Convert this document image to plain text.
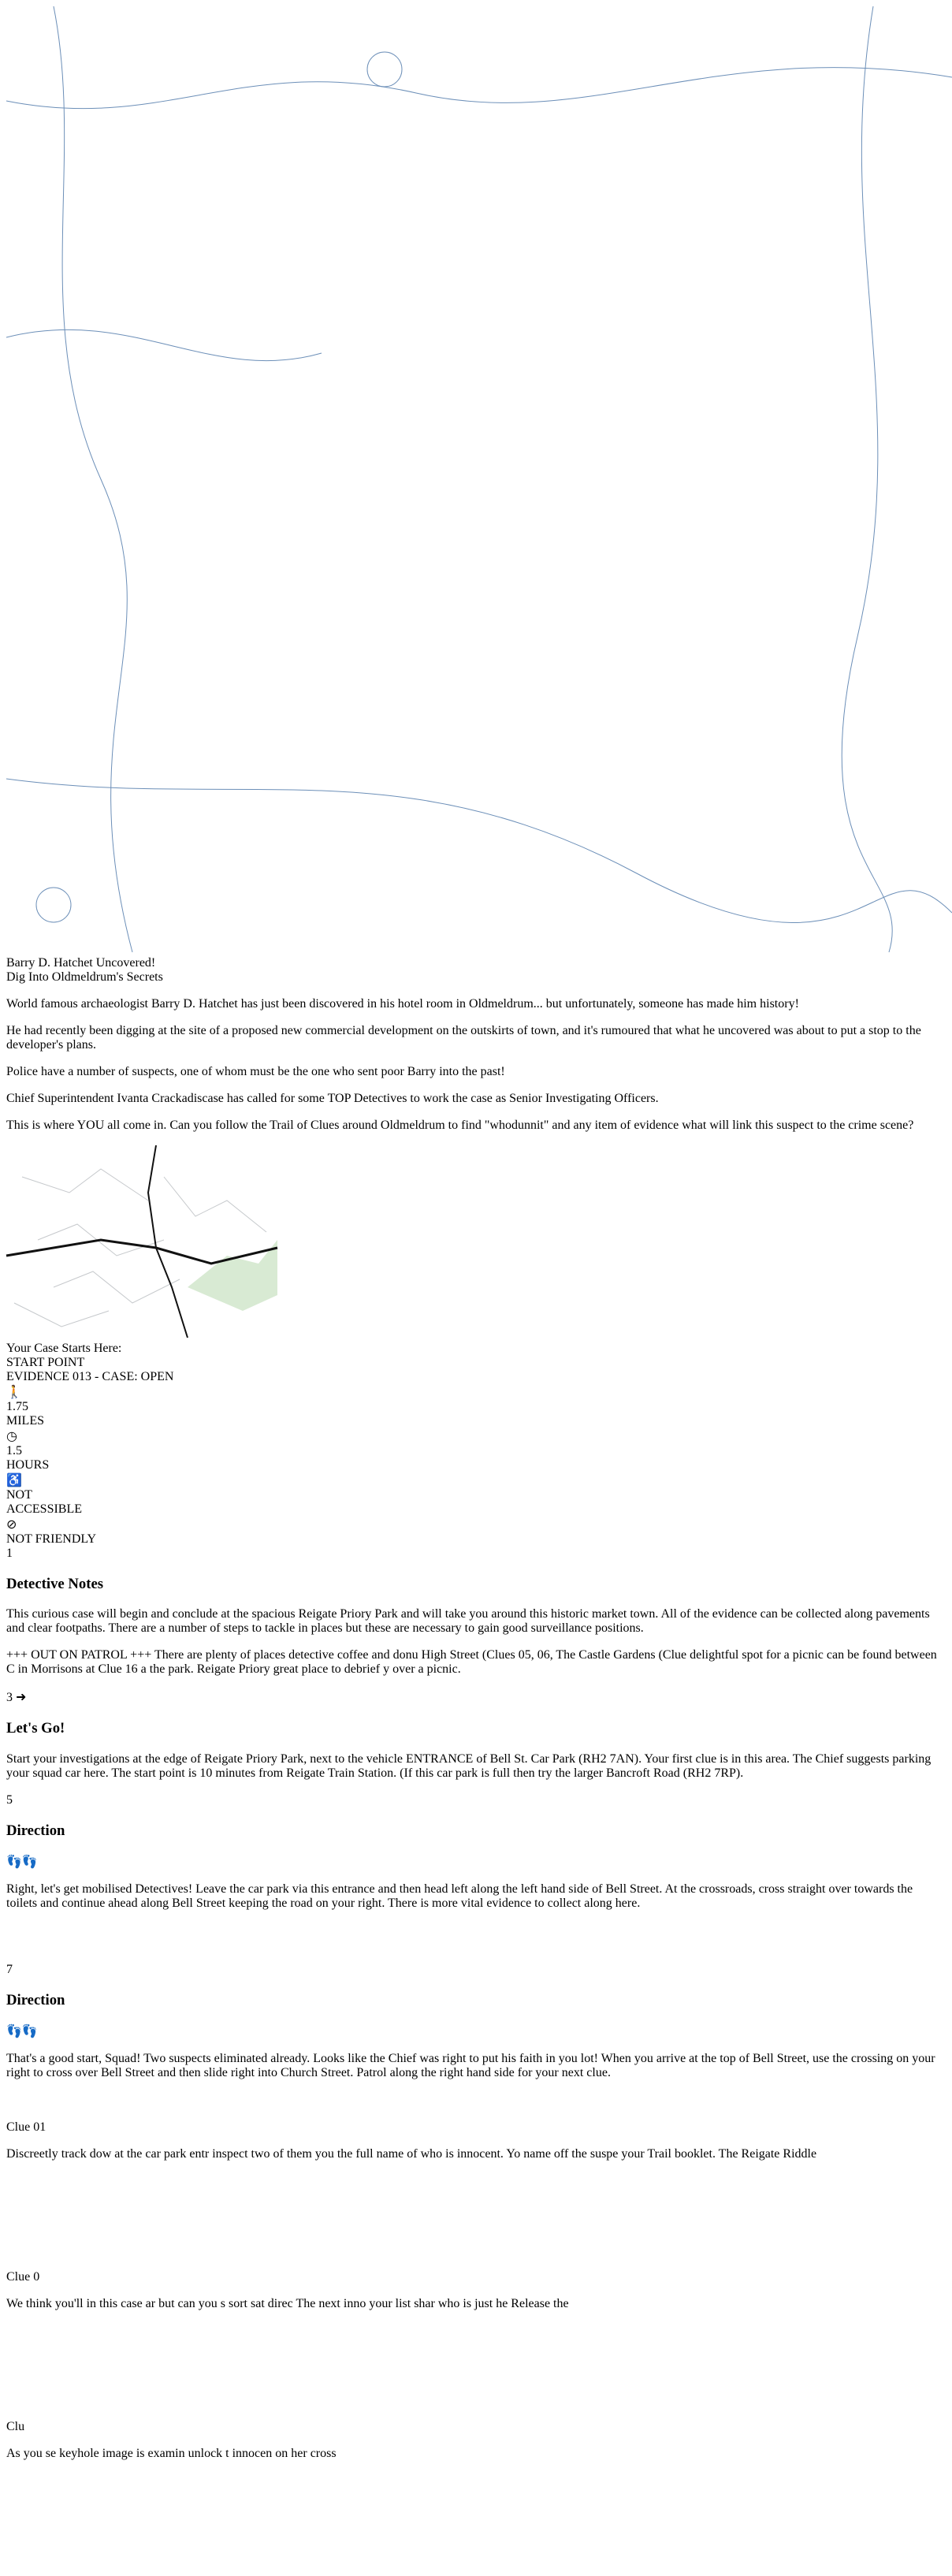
Barry D. Hatchet Uncovered!
Dig Into Oldmeldrum's Secrets

World famous archaeologist Barry D. Hatchet has just been discovered in his hotel room in Oldmeldrum... but unfortunately, someone has made him history!

He had recently been digging at the site of a proposed new commercial development on the outskirts of town, and it's rumoured that what he uncovered was about to put a stop to the developer's plans.

Police have a number of suspects, one of whom must be the one who sent poor Barry into the past!

Chief Superintendent Ivanta Crackadiscase has called for some TOP Detectives to work the case as Senior Investigating Officers.

This is where YOU all come in. Can you follow the Trail of Clues around Oldmeldrum to find "whodunnit" and any item of evidence what will link this suspect to the crime scene?

Your Case Starts Here:
START POINT
EVIDENCE 013 - CASE: OPEN
🚶
1.75
MILES
◷
1.5
HOURS
♿
NOT
ACCESSIBLE
⊘
NOT FRIENDLY
1
Detective Notes

This curious case will begin and conclude at the spacious Reigate Priory Park and will take you around this historic market town. All of the evidence can be collected along pavements and clear footpaths. There are a number of steps to tackle in places but these are necessary to gain good surveillance positions.

+++ OUT ON PATROL +++ There are plenty of places detective coffee and donu High Street (Clues 05, 06, The Castle Gardens (Clue delightful spot for a picnic can be found between C in Morrisons at Clue 16 a the park. Reigate Priory great place to debrief y over a picnic.

3 ➜
Let's Go!

Start your investigations at the edge of Reigate Priory Park, next to the vehicle ENTRANCE of Bell St. Car Park (RH2 7AN). Your first clue is in this area. The Chief suggests parking your squad car here. The start point is 10 minutes from Reigate Train Station. (If this car park is full then try the larger Bancroft Road (RH2 7RP).

5
Direction
👣👣

Right, let's get mobilised Detectives! Leave the car park via this entrance and then head left along the left hand side of Bell Street. At the crossroads, cross straight over towards the toilets and continue ahead along Bell Street keeping the road on your right. There is more vital evidence to collect along here.

7
Direction
👣👣

That's a good start, Squad! Two suspects eliminated already. Looks like the Chief was right to put his faith in you lot! When you arrive at the top of Bell Street, use the crossing on your right to cross over Bell Street and then slide right into Church Street. Patrol along the right hand side for your next clue.

Clue 01

Discreetly track dow at the car park entr inspect two of them you the full name of who is innocent. Yo name off the suspe your Trail booklet. The Reigate Riddle

Clue 0

We think you'll in this case ar but can you s sort sat direc The next inno your list shar who is just he Release the

Clu

As you se keyhole image is examin unlock t innocen on her cross
